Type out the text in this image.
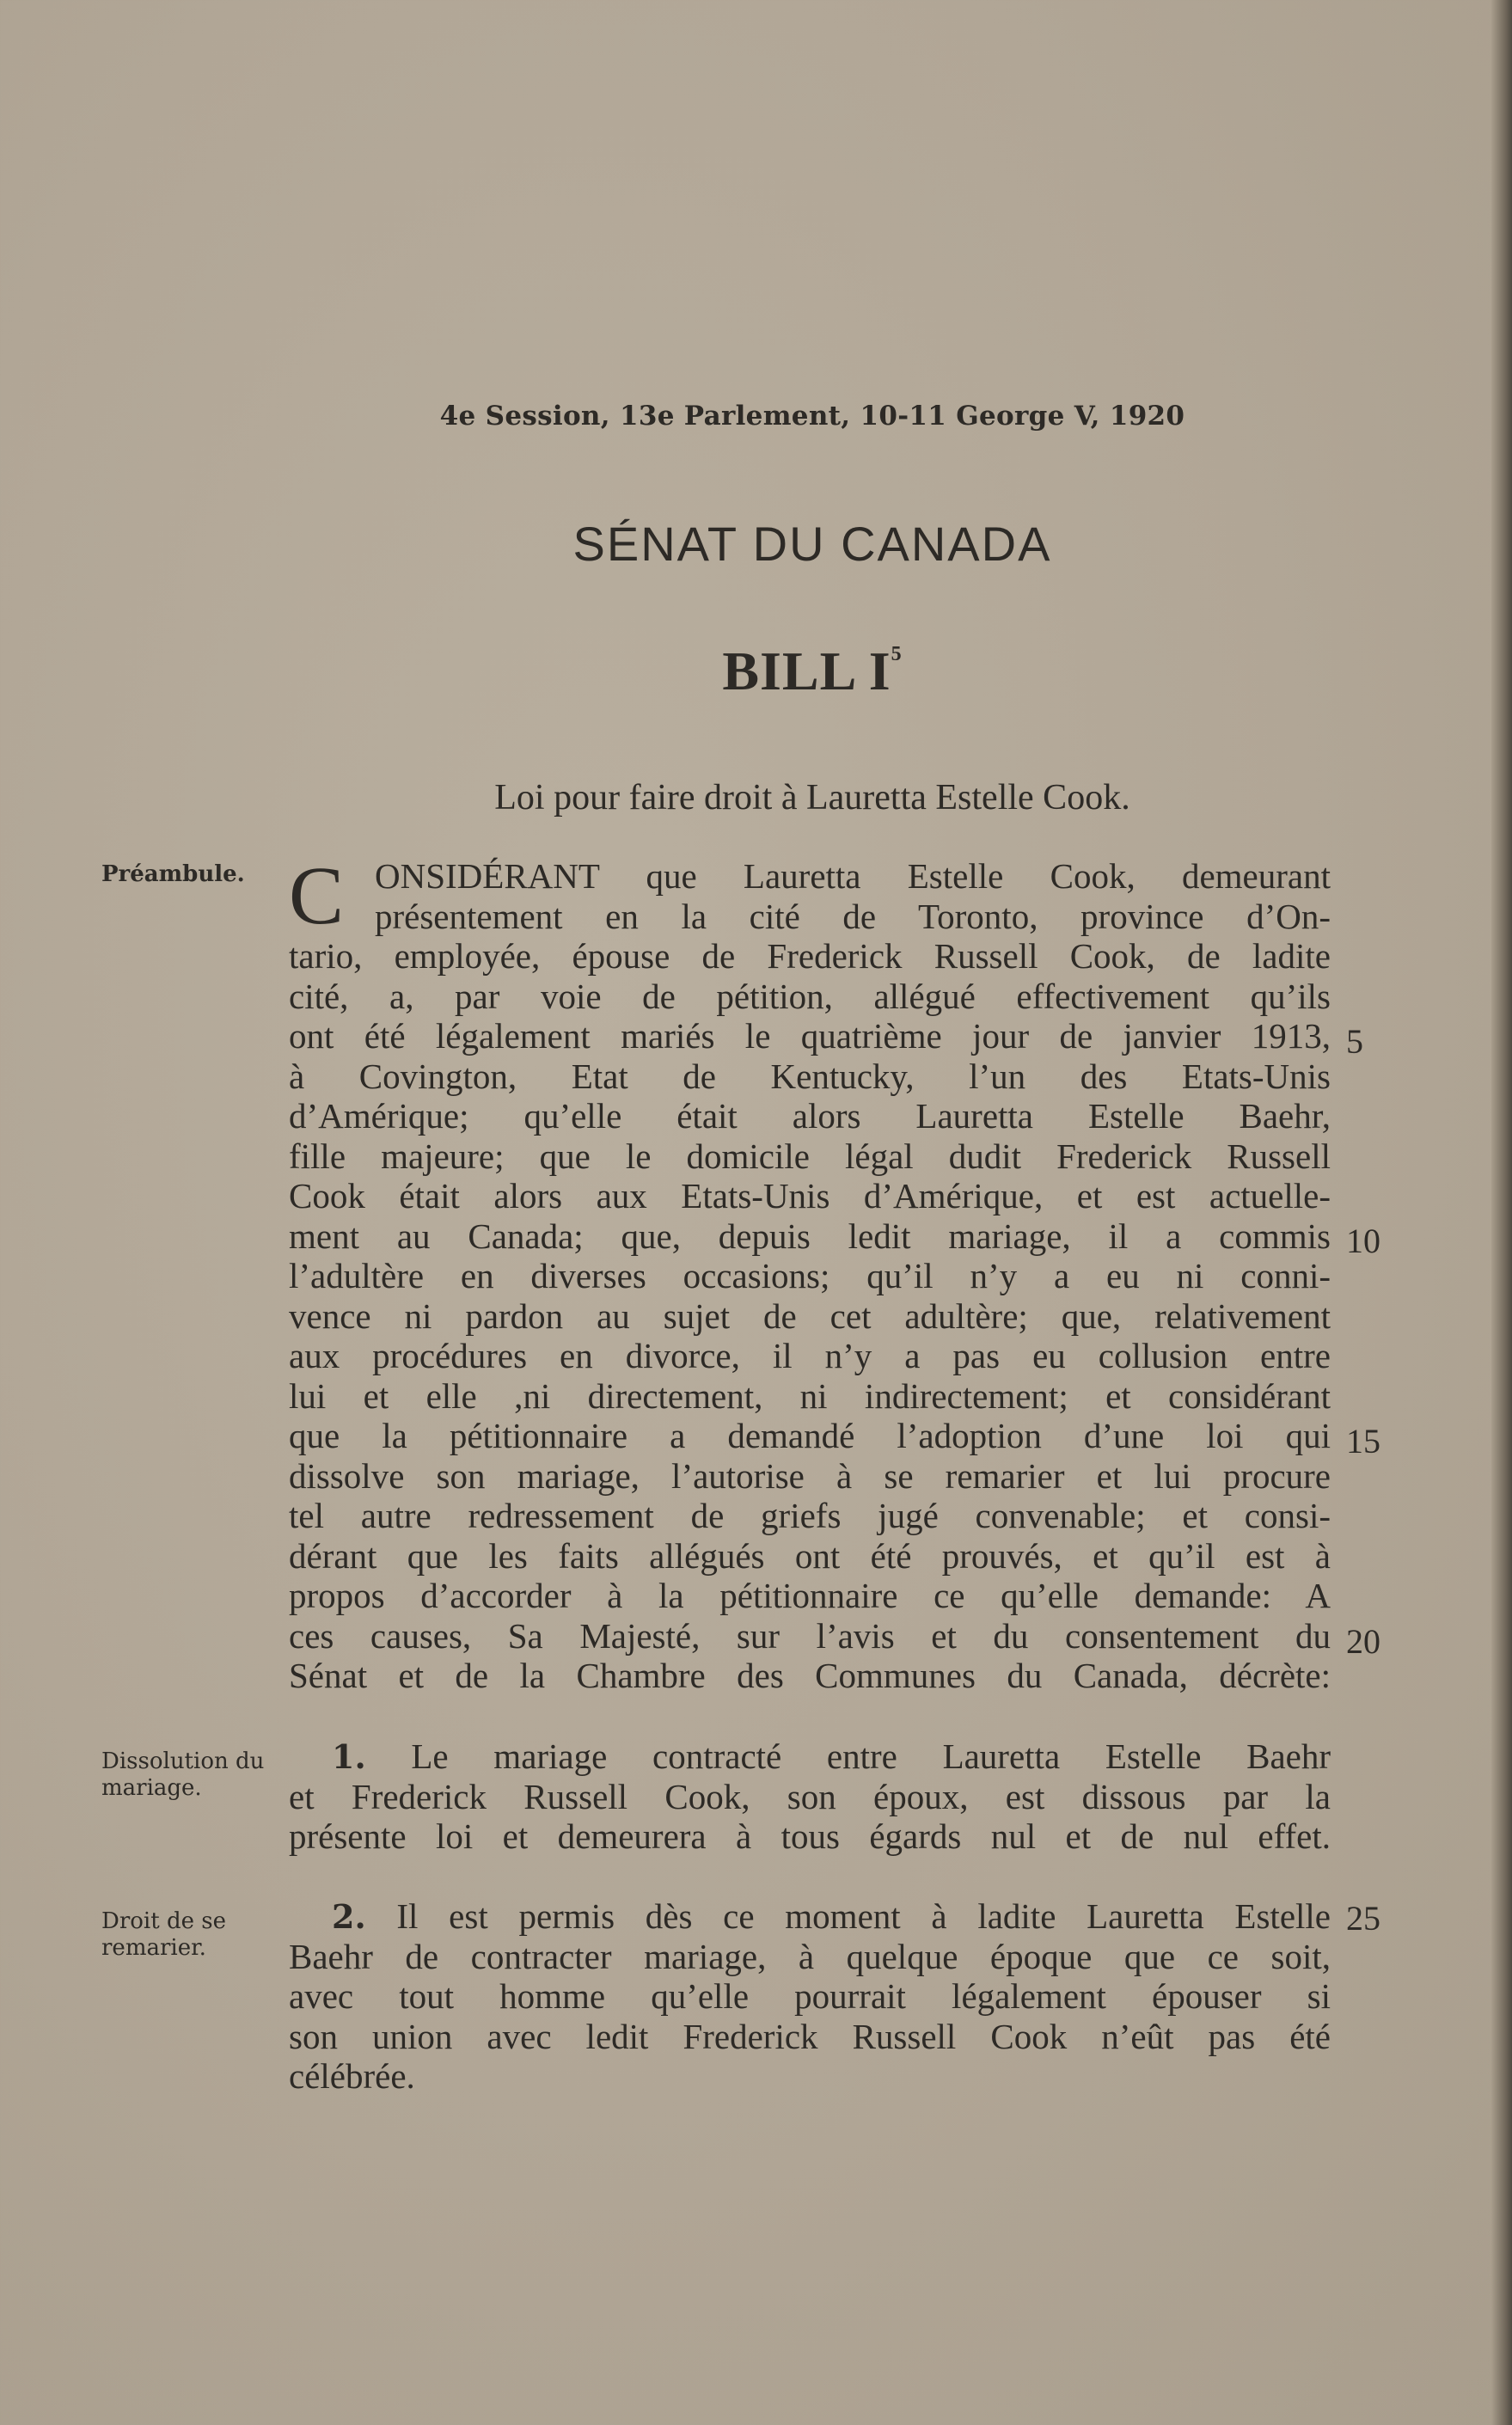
4e Session, 13e Parlement, 10-11 George V, 1920
SÉNAT DU CANADA
BILL $I^5$
Loi pour faire droit à Lauretta Estelle Cook.
Préambule.
Dissolution du mariage.
Droit de se remarier.
C ONSIDÉRANT que Lauretta Estelle Cook, demeurant
présentement en la cité de Toronto, province d’On-
tario, employée, épouse de Frederick Russell Cook, de ladite
cité, a, par voie de pétition, allégué effectivement qu’ils
ont été légalement mariés le quatrième jour de janvier 1913,
à Covington, Etat de Kentucky, l’un des Etats-Unis
d’Amérique; qu’elle était alors Lauretta Estelle Baehr,
fille majeure; que le domicile légal dudit Frederick Russell
Cook était alors aux Etats-Unis d’Amérique, et est actuelle-
ment au Canada; que, depuis ledit mariage, il a commis
l’adultère en diverses occasions; qu’il n’y a eu ni conni-
vence ni pardon au sujet de cet adultère; que, relativement
aux procédures en divorce, il n’y a pas eu collusion entre
lui et elle ,ni directement, ni indirectement; et considérant
que la pétitionnaire a demandé l’adoption d’une loi qui
dissolve son mariage, l’autorise à se remarier et lui procure
tel autre redressement de griefs jugé convenable; et consi-
dérant que les faits allégués ont été prouvés, et qu’il est à
propos d’accorder à la pétitionnaire ce qu’elle demande: A
ces causes, Sa Majesté, sur l’avis et du consentement du
Sénat et de la Chambre des Communes du Canada, décrète:
1. Le mariage contracté entre Lauretta Estelle Baehr
et Frederick Russell Cook, son époux, est dissous par la
présente loi et demeurera à tous égards nul et de nul effet.
2. Il est permis dès ce moment à ladite Lauretta Estelle
Baehr de contracter mariage, à quelque époque que ce soit,
avec tout homme qu’elle pourrait légalement épouser si
son union avec ledit Frederick Russell Cook n’eût pas été
célébrée.
5
10
15
20
25
